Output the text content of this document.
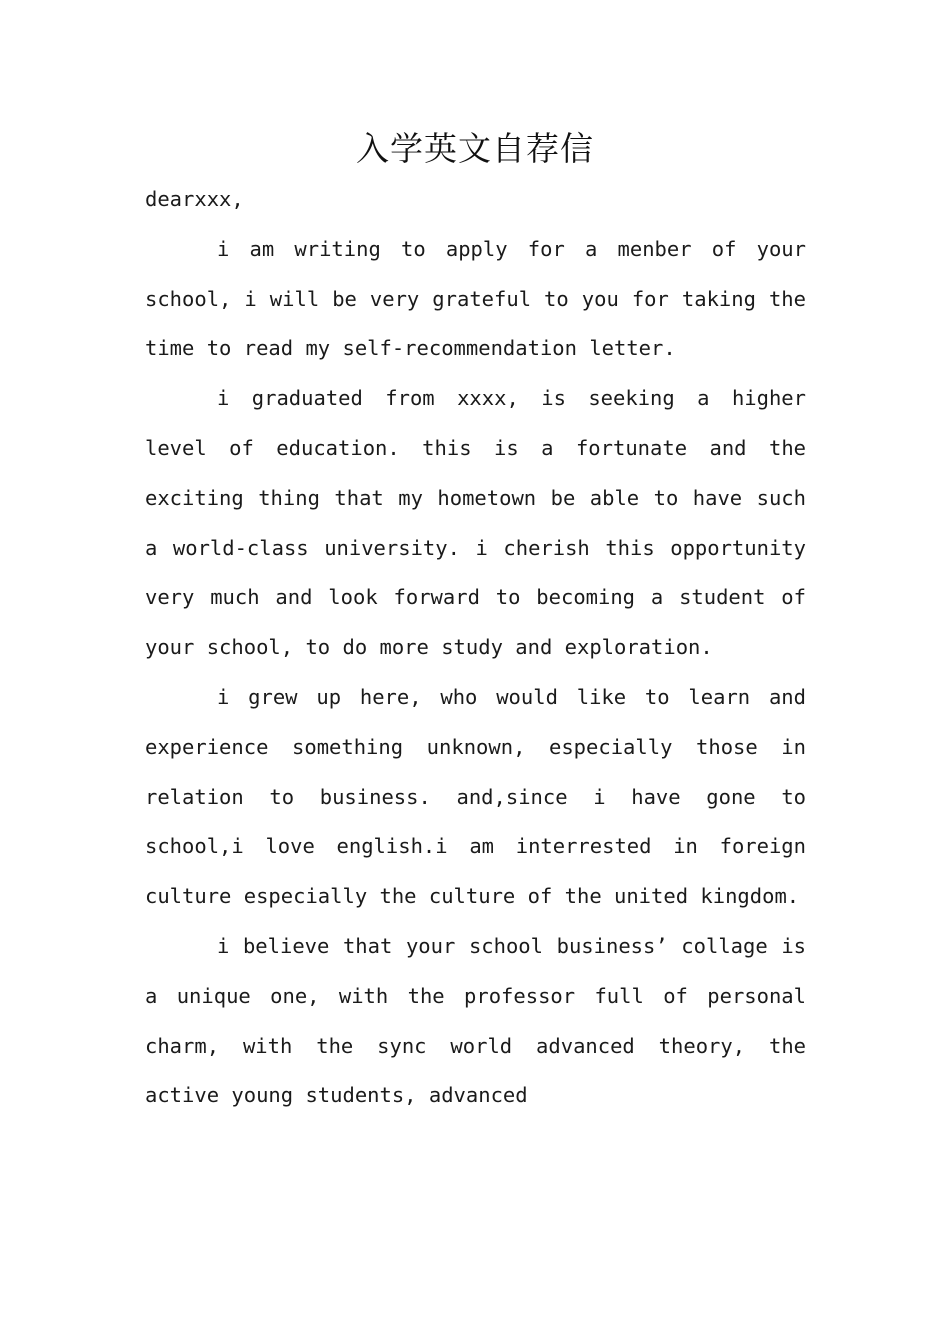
入学英文自荐信

dearxxx,

i am writing to apply for a menber of your school, i will be very grateful to you for taking the time to read my self-recommendation letter.

i graduated from xxxx, is seeking a higher level of education. this is a fortunate and the exciting thing that my hometown be able to have such a world-class university. i cherish this opportunity very much and look forward to becoming a student of your school, to do more study and exploration.

i grew up here, who would like to learn and experience something unknown, especially those in relation to business. and,since i have gone to school,i love english.i am interrested in foreign culture especially the culture of the united kingdom.

i believe that your school business’ collage is a unique one, with the professor full of personal charm, with the sync world advanced theory, the active young students, advanced
